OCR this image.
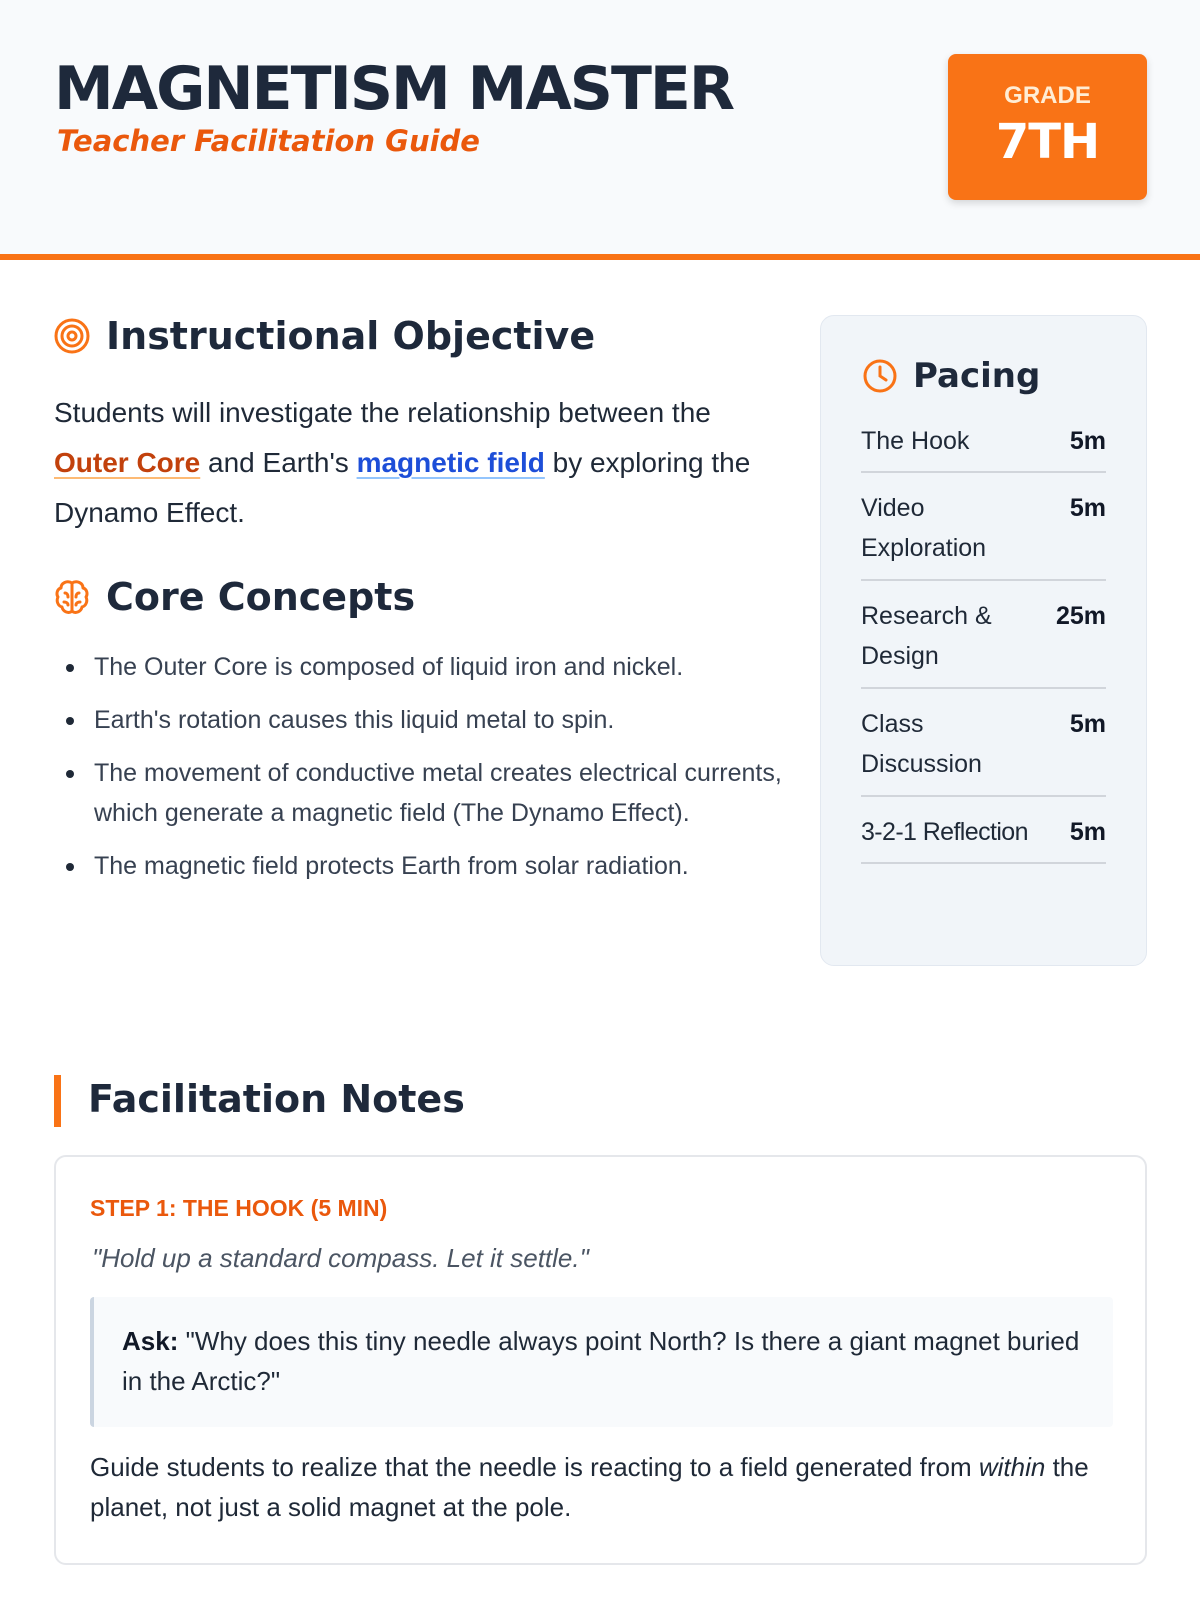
MAGNETISM MASTER
Teacher Facilitation Guide
GRADE
7TH
Instructional Objective
Students will investigate the relationship between the Outer Core and Earth's magnetic field by exploring the Dynamo Effect.
Core Concepts
The Outer Core is composed of liquid iron and nickel.
Earth's rotation causes this liquid metal to spin.
The movement of conductive metal creates electrical currents, which generate a magnetic field (The Dynamo Effect).
The magnetic field protects Earth from solar radiation.
Pacing
The Hook	5m
Video Exploration
5m
Research & Design
25m
Class Discussion
5m
3-2-1 Reflection 5m
Facilitation Notes
STEP 1: THE HOOK (5 MIN)
"Hold up a standard compass. Let it settle."
Ask: "Why does this tiny needle always point North? Is there a giant magnet buried in the Arctic?"
Guide students to realize that the needle is reacting to a field generated from within the planet, not just a solid magnet at the pole.
